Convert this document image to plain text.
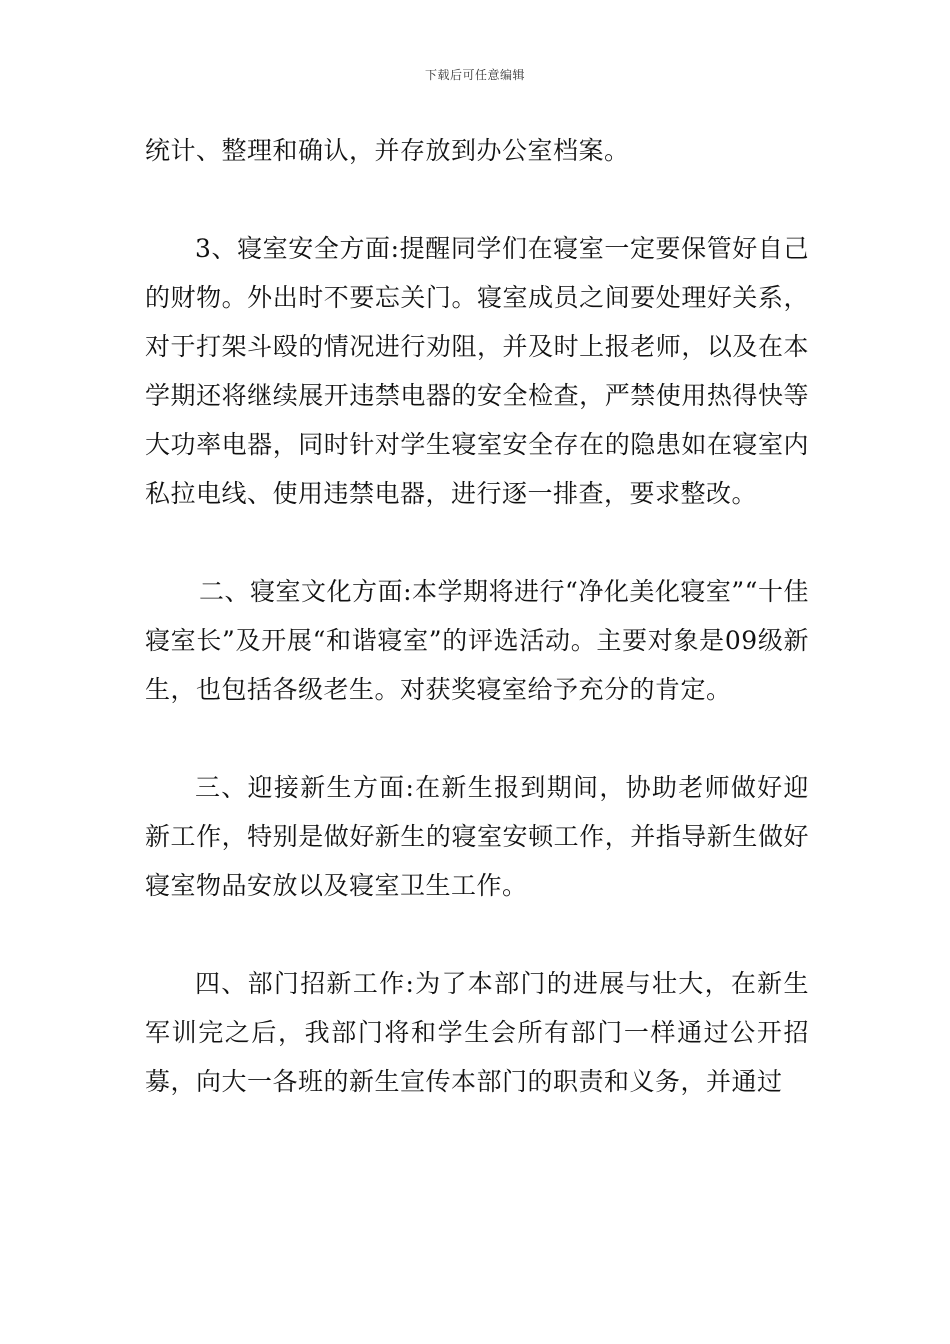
下载后可任意编辑

统计、整理和确认，并存放到办公室档案。

3、寝室安全方面:提醒同学们在寝室一定要保管好自己的财物。外出时不要忘关门。寝室成员之间要处理好关系，对于打架斗殴的情况进行劝阻，并及时上报老师，以及在本学期还将继续展开违禁电器的安全检查，严禁使用热得快等大功率电器，同时针对学生寝室安全存在的隐患如在寝室内私拉电线、使用违禁电器，进行逐一排查，要求整改。

二、寝室文化方面:本学期将进行“净化美化寝室”“十佳寝室长”及开展“和谐寝室”的评选活动。主要对象是09级新生，也包括各级老生。对获奖寝室给予充分的肯定。

三、迎接新生方面:在新生报到期间，协助老师做好迎新工作，特别是做好新生的寝室安顿工作，并指导新生做好寝室物品安放以及寝室卫生工作。

四、部门招新工作:为了本部门的进展与壮大，在新生军训完之后，我部门将和学生会所有部门一样通过公开招募，向大一各班的新生宣传本部门的职责和义务，并通过
